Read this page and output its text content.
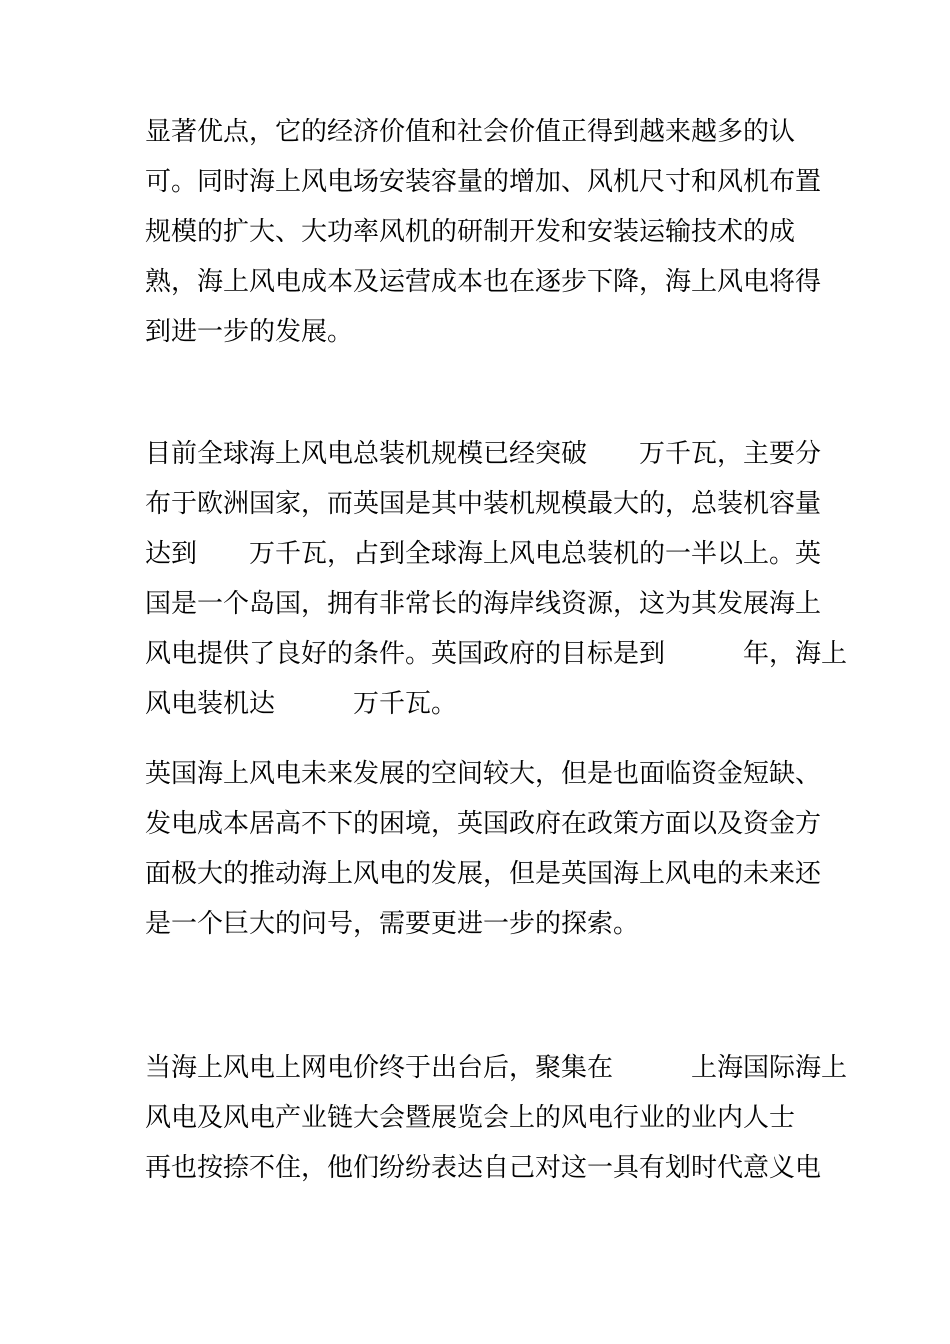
显著优点，它的经济价值和社会价值正得到越来越多的认
可。同时海上风电场安装容量的增加、风机尺寸和风机布置
规模的扩大、大功率风机的研制开发和安装运输技术的成
熟，海上风电成本及运营成本也在逐步下降，海上风电将得
到进一步的发展。
目前全球海上风电总装机规模已经突破　　万千瓦，主要分
布于欧洲国家，而英国是其中装机规模最大的，总装机容量
达到　　万千瓦，占到全球海上风电总装机的一半以上。英
国是一个岛国，拥有非常长的海岸线资源，这为其发展海上
风电提供了良好的条件。英国政府的目标是到　　　年，海上
风电装机达　　　万千瓦。
英国海上风电未来发展的空间较大，但是也面临资金短缺、
发电成本居高不下的困境，英国政府在政策方面以及资金方
面极大的推动海上风电的发展，但是英国海上风电的未来还
是一个巨大的问号，需要更进一步的探索。
当海上风电上网电价终于出台后，聚集在　　　上海国际海上
风电及风电产业链大会暨展览会上的风电行业的业内人士
再也按捺不住，他们纷纷表达自己对这一具有划时代意义电
